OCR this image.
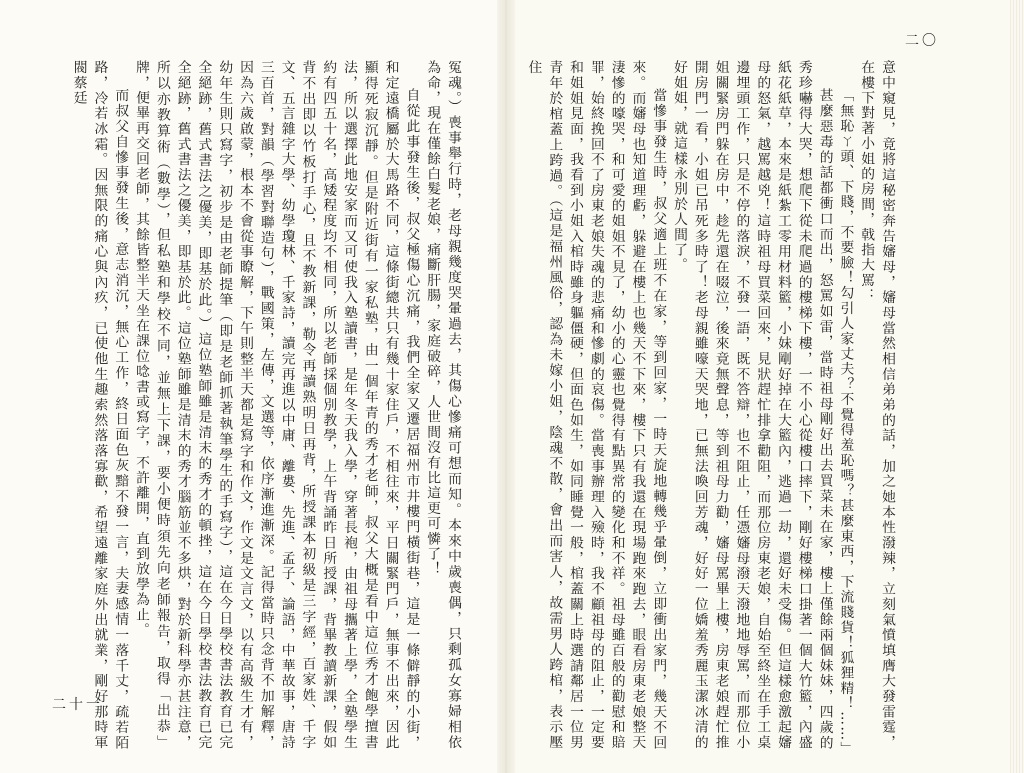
二〇
二十一	意中窺見，竟將這秘密奔告嬸母，嬸母當然相信弟弟的話，加之她本性潑辣，立刻氣憤填膺大發雷霆，在樓下對著小姐的房間，戟指大罵：

「無恥ㄚ頭、下賤，不要臉！勾引人家丈夫？不覺得羞恥嗎？甚麼東西，下流賤貨！狐狸精！……」

甚麼惡毒的話都衝口而出，怒罵如雷，當時祖母剛好出去買菜未在家，樓上僅餘兩個妹妹，四歲的秀珍嚇得大哭，想爬下從未爬過的樓梯下樓，一不小心從樓口摔下，剛好樓梯口掛著一個大竹籃，內盛紙花紙草，本來是紙紮工零用材料籃，小妹剛好掉在大籃內，逃過一劫，還好未受傷。但這樣愈激起嬸母的怒氣，越罵越兇！這時祖母買菜回來，見狀趕忙排拿勸阻，而那位房東老娘，自始至終坐在手工桌邊埋頭工作，只是不停的落淚，不發一語，既不答辯，也不阻止，任憑嬸母潑天潑地地辱罵，而那位小姐關緊房門躲在房中，趁先還在啜泣，後來竟無聲息，等到祖母力勸，嬸母罵畢上樓，房東老娘趕忙推開房門一看，小姐已吊死多時了！老母親雖嚎天哭地，已無法喚回芳魂，好好一位嬌羞秀麗玉潔冰清的好姐姐，就這樣永別於人間了。

當慘事發生時，叔父適上班不在家，等到回家，一時天旋地轉幾乎暈倒，立即衝出家門，幾天不回來。而嬸母也知道理虧，躲避在樓上也幾天不下來，樓下只有我還在現場跑來跑去，眼看房東老娘整天淒慘的嚎哭，和可愛的姐姐不見了，幼小的心靈也覺得有點異常的變化和不祥。祖母雖百般的勸慰和賠罪，始終挽回不了房東老娘失魂的悲痛和慘劇的哀傷。當喪事辦理入殮時，我不顧祖母的阻止，一定要和姐姐見面，我看到小姐入棺時雖身軀僵硬，但面色如生，如同睡覺一般，棺蓋關上時選請鄰居一位男青年於棺蓋上跨過。（這是福州風俗，認為未嫁小姐，陰魂不散，會出而害人，故需男人跨棺，表示壓住

冤魂。）喪事舉行時，老母親幾度哭暈過去，其傷心慘痛可想而知。本來中歲喪偶，只剩孤女寡婦相依為命，現在僅餘白髮老娘，痛斷肝腸，家庭破碎，人世間沒有比這更可憐了！

自從此事發生後，叔父極傷心沉痛，我們全家又遷居福州市井樓門橫街巷，這是一條僻靜的小街，和定遠橋屬於大馬路不同，這條街總共只有幾十家住戶，不相往來，平日關緊門戶，無事不出來，因此顯得死寂沉靜。但是附近街有一家私塾，由一個年青的秀才老師，叔父大概是看中這位秀才飽學擅書法，所以選擇此地安家而又可使我入塾讀書，是年冬天我入學，穿著長袍，由祖母攜著上學，全塾學生約有四五十名，高矮程度均不相同，所以老師採個別教學，上午背誦昨日所授課，背畢教讀新課，假如背不出即以竹板打手心，且不教新課，勒令再讀熟明日再背，所授課本初級是三字經，百家姓、千字文、五言雜字大學、幼學瓊林、千家詩，讀完再進以中庸、離婁、先進、孟子、論語，中華故事，唐詩三百首，對韻（學習對聯造句），戰國策，左傳，文選等，依序漸進漸深。記得當時只念背不加解釋，因為六歲啟蒙，根本不會從事瞭解，下午則整半天都是寫字和作文，作文是文言文，以有高級生才有，幼年生則只寫字，初步是由老師提筆（即是老師抓著執筆學生的手寫字），這在今日學校書法教育已完全絕跡，舊式書法之優美，即基於此。）這位塾師雖是清末的秀才的頓挫，這在今日學校書法教育已完全絕跡，舊式書法之優美，即基於此。這位塾師雖是清末的秀才腦筋並不多烘，對於新科學亦甚注意，所以亦教算術（數學），但私塾和學校不同，並無上下課，要小便時須先向老師報告，取得「出恭」牌，便畢再交回老師，其餘皆整半天坐在課位唸書或寫字，不許離開，直到放學為止。

而叔父自慘事發生後，意志消沉，無心工作，終日面色灰黯不發一言，夫妻感情一落千丈，疏若陌路，冷若冰霜。因無限的痛心與內疚，已使他生趣索然落落寡歡，希望遠離家庭外出就業，剛好那時軍閥蔡廷
